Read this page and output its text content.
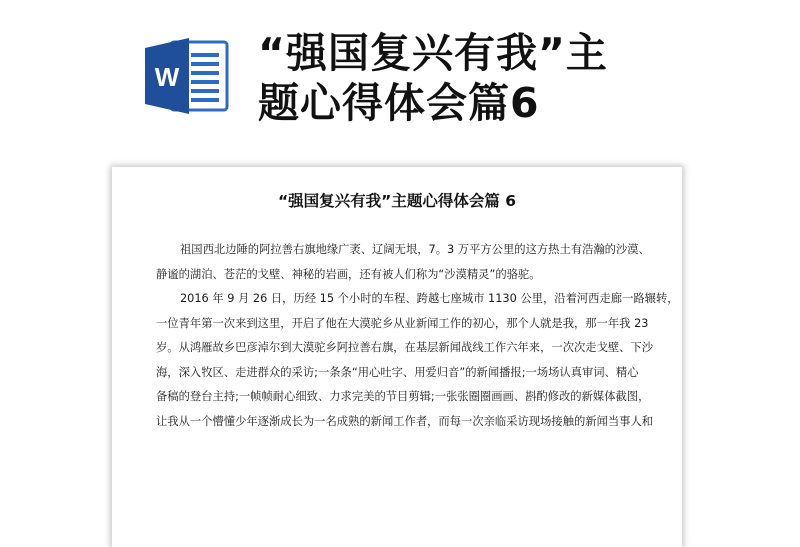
W “强国复兴有我”主
题心得体会篇6
“强国复兴有我”主题心得体会篇 6
祖国西北边陲的阿拉善右旗地缘广袤、辽阔无垠，7。3 万平方公里的这方热土有浩瀚的沙漠、
静谧的湖泊、苍茫的戈壁、神秘的岩画，还有被人们称为“沙漠精灵”的骆驼。
2016 年 9 月 26 日，历经 15 个小时的车程、跨越七座城市 1130 公里，沿着河西走廊一路辗转，
一位青年第一次来到这里，开启了他在大漠驼乡从业新闻工作的初心，那个人就是我，那一年我 23
岁。从鸿雁故乡巴彦淖尔到大漠驼乡阿拉善右旗，在基层新闻战线工作六年来，一次次走戈壁、下沙
海，深入牧区、走进群众的采访;一条条“用心吐字、用爱归音”的新闻播报;一场场认真审词、精心
备稿的登台主持;一帧帧耐心细致、力求完美的节目剪辑;一张张圈圈画画、斟酌修改的新媒体截图，
让我从一个懵懂少年逐渐成长为一名成熟的新闻工作者，而每一次亲临采访现场接触的新闻当事人和
